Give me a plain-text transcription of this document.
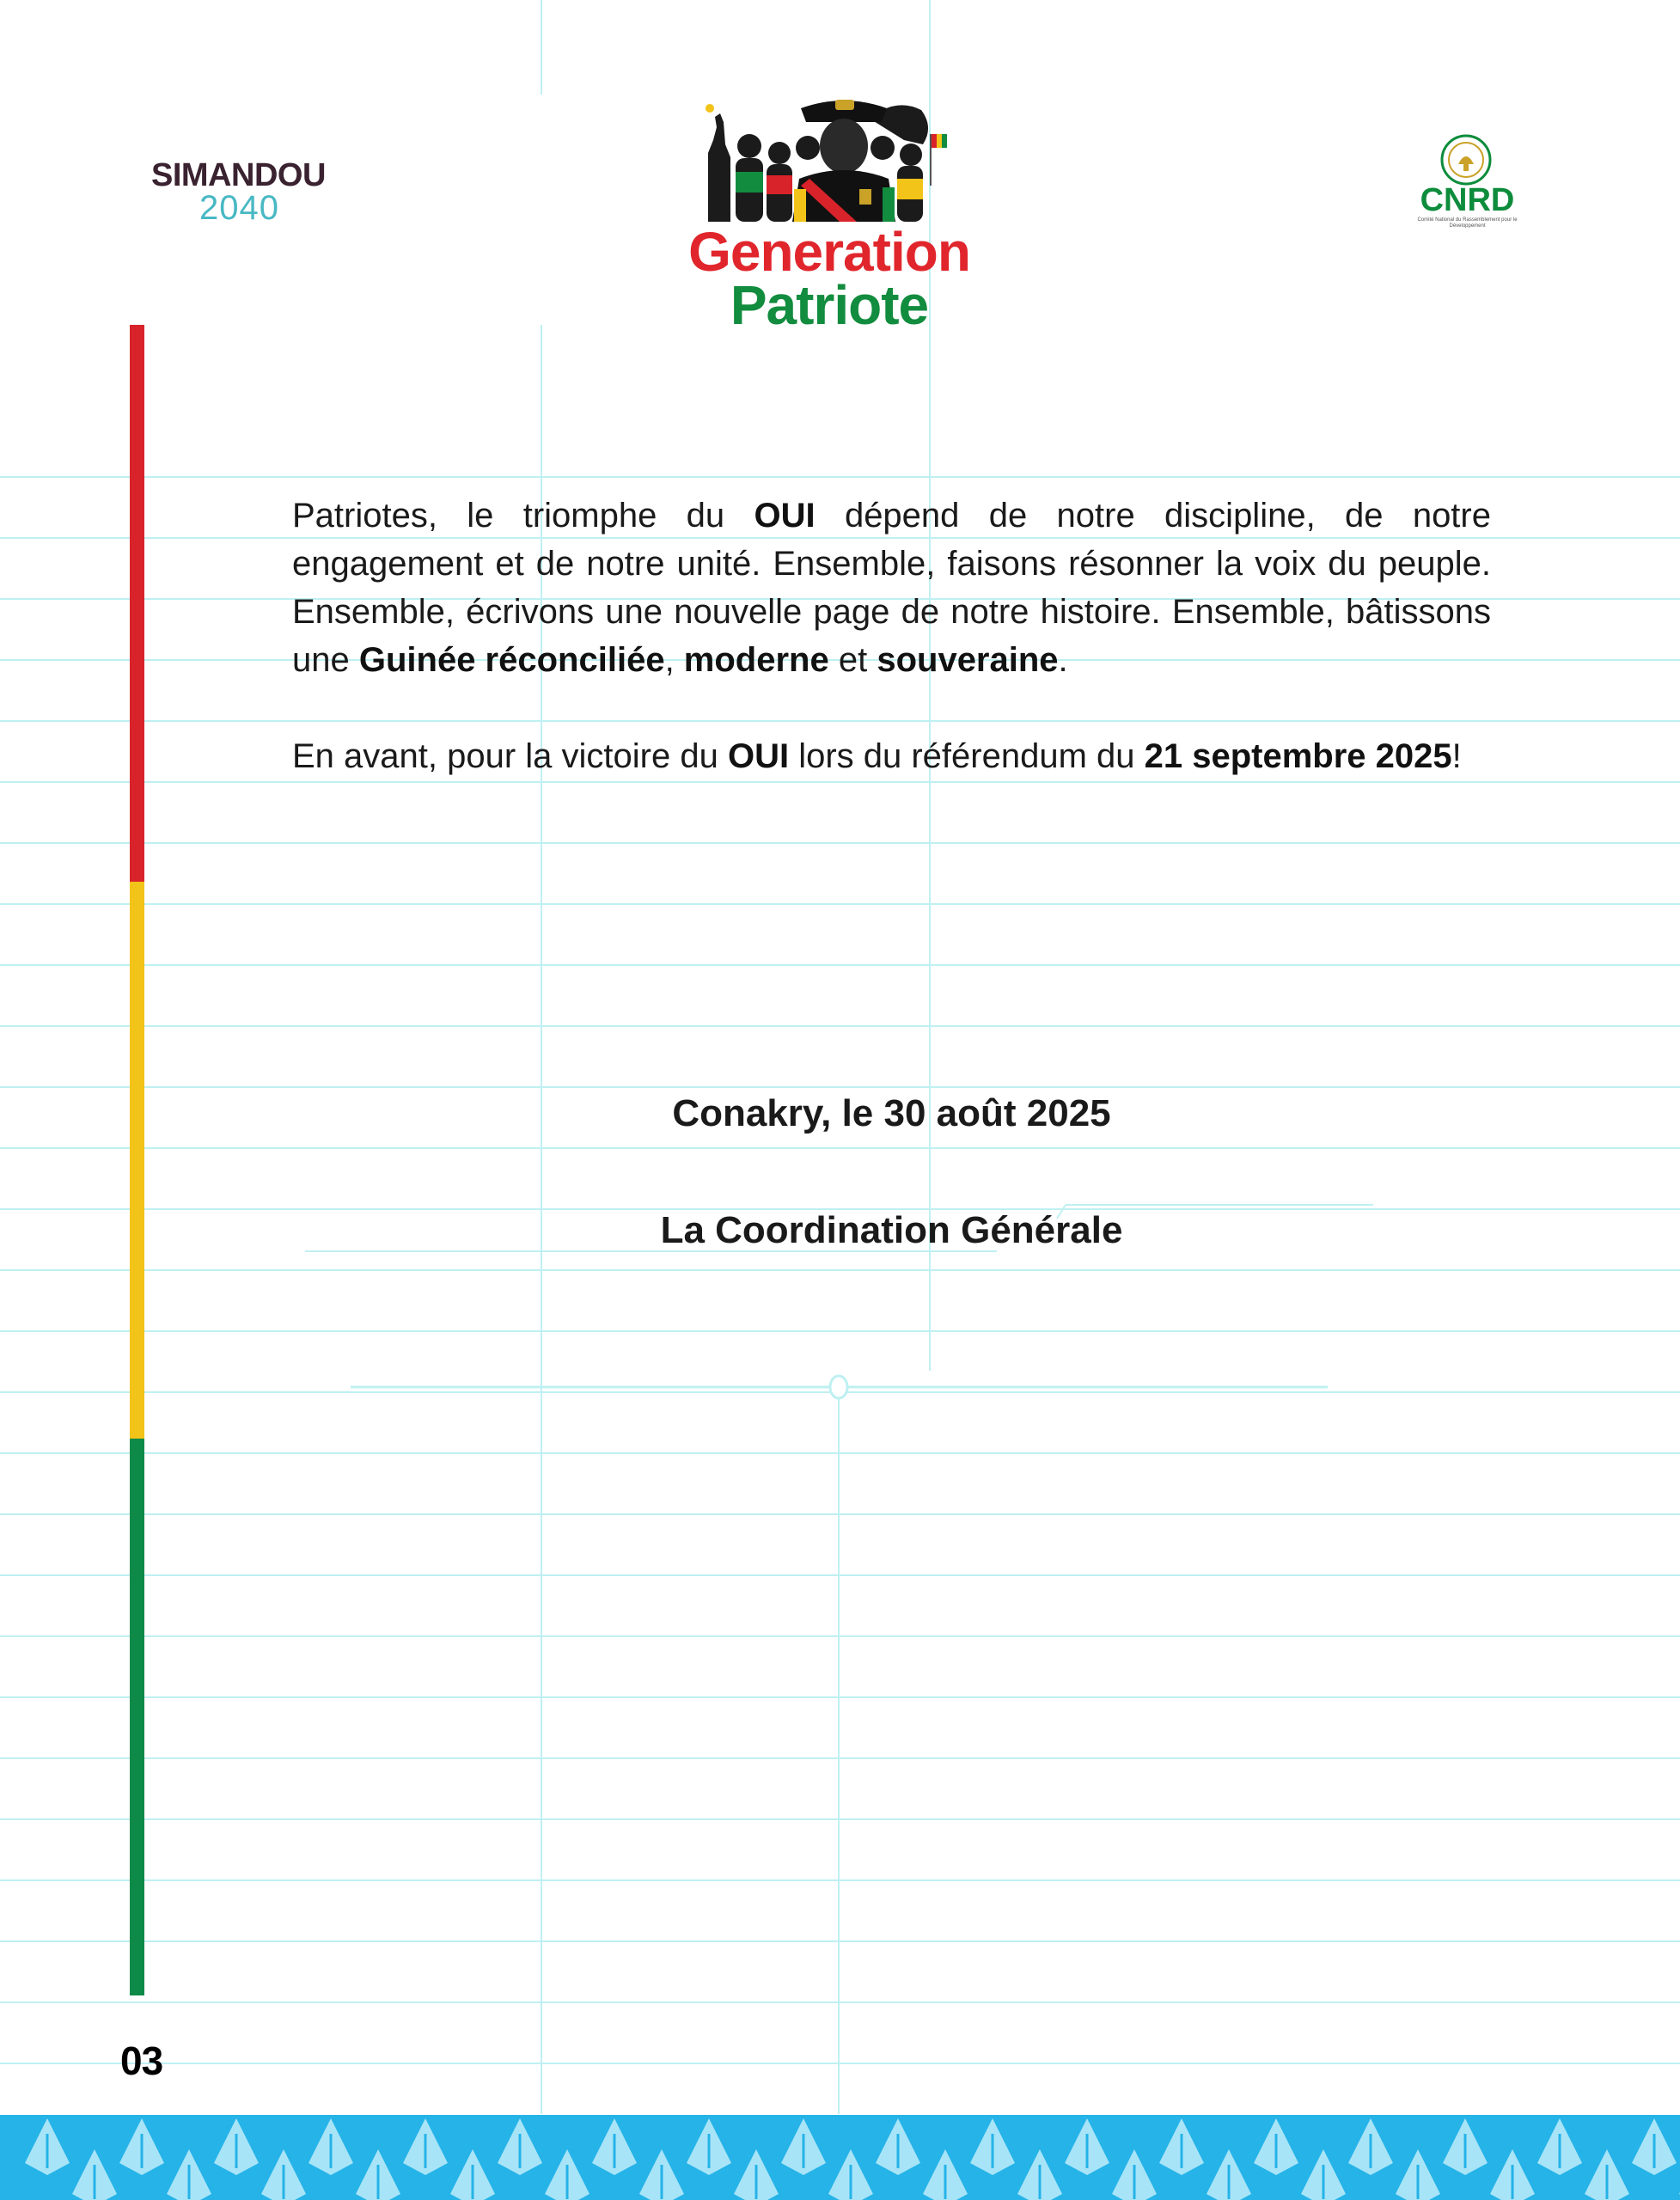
SIMANDOU
2040
Generation
Patriote
CNRD
Comité National du Rassemblement pour le Développement

Patriotes, le triomphe du OUI dépend de notre discipline, de notre engagement et de notre unité. Ensemble, faisons résonner la voix du peuple. Ensemble, écrivons une nouvelle page de notre histoire. Ensemble, bâtissons une Guinée réconciliée, moderne et souveraine.

En avant, pour la victoire du OUI lors du référendum du 21 septembre 2025!

Conakry, le 30 août 2025
La Coordination Générale
03
